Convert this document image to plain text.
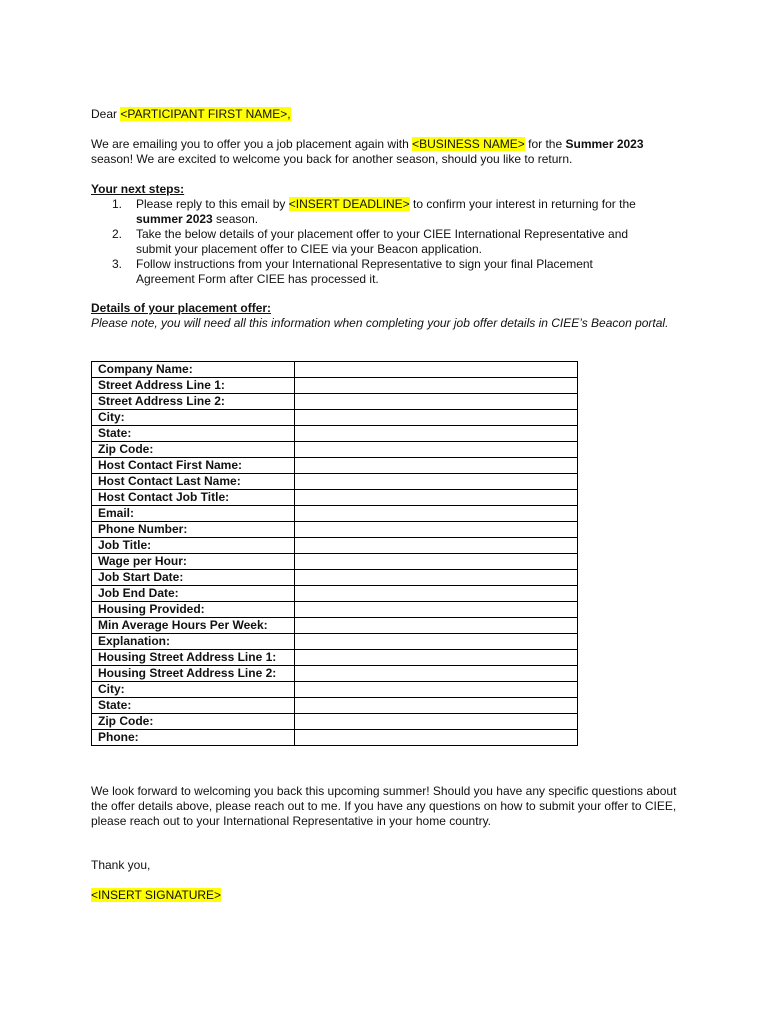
Dear <PARTICIPANT FIRST NAME>,

We are emailing you to offer you a job placement again with <BUSINESS NAME> for the Summer 2023
season! We are excited to welcome you back for another season, should you like to return.

Your next steps:

1. Please reply to this email by <INSERT DEADLINE> to confirm your interest in returning for the
summer 2023 season.
2. Take the below details of your placement offer to your CIEE International Representative and
submit your placement offer to CIEE via your Beacon application.
3. Follow instructions from your International Representative to sign your final Placement
Agreement Form after CIEE has processed it.

Details of your placement offer:

Please note, you will need all this information when completing your job offer details in CIEE’s Beacon portal.

Company Name:	
Street Address Line 1:	
Street Address Line 2:	
City:	
State:	
Zip Code:	
Host Contact First Name:	
Host Contact Last Name:	
Host Contact Job Title:	
Email:	
Phone Number:	
Job Title:	
Wage per Hour:	
Job Start Date:	
Job End Date:	
Housing Provided:	
Min Average Hours Per Week:	
Explanation:	
Housing Street Address Line 1:	
Housing Street Address Line 2:	
City:	
State:	
Zip Code:	
Phone:	

We look forward to welcoming you back this upcoming summer! Should you have any specific questions about the offer details above, please reach out to me. If you have any questions on how to submit your offer to CIEE, please reach out to your International Representative in your home country.

Thank you,

<INSERT SIGNATURE>
